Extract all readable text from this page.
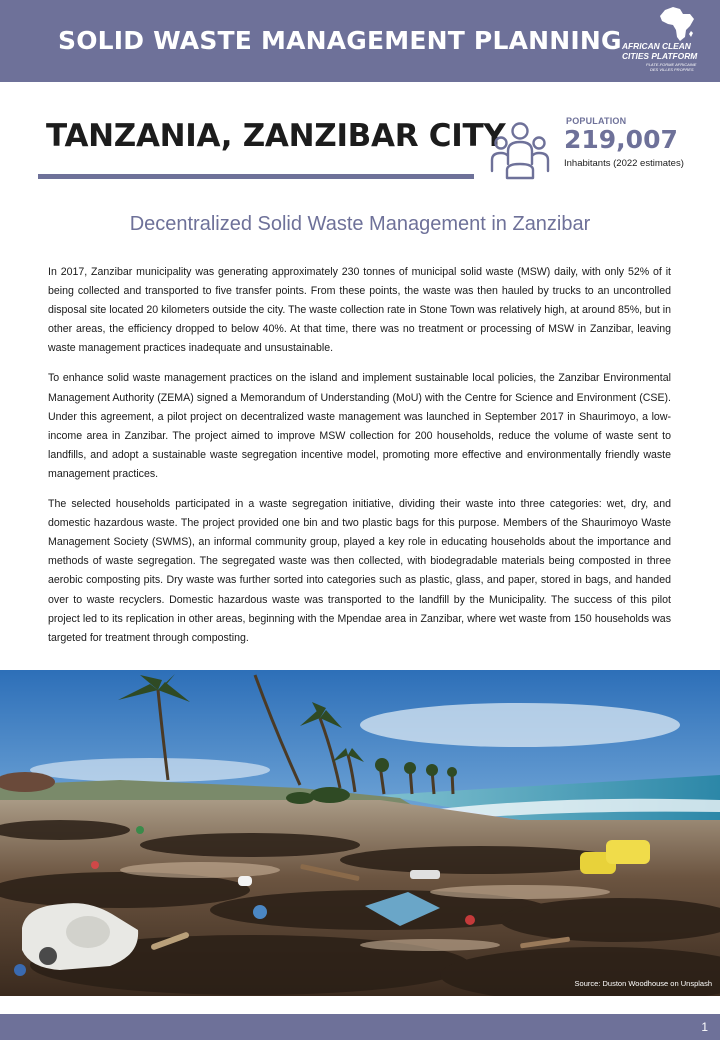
SOLID WASTE MANAGEMENT PLANNING AFRICAN CLEAN
CITIES PLATFORM
PLATE-FORME AFRICAINE
DES VILLES PROPRES
TANZANIA, ZANZIBAR CITY	POPULATION
219,007
Inhabitants (2022 estimates)
Decentralized Solid Waste Management in Zanzibar

In 2017, Zanzibar municipality was generating approximately 230 tonnes of municipal solid waste (MSW) daily, with only 52% of it being collected and transported to five transfer points. From these points, the waste was then hauled by trucks to an uncontrolled disposal site located 20 kilometers outside the city. The waste collection rate in Stone Town was relatively high, at around 85%, but in other areas, the efficiency dropped to below 40%. At that time, there was no treatment or processing of MSW in Zanzibar, leaving waste management practices inadequate and unsustainable.

To enhance solid waste management practices on the island and implement sustainable local policies, the Zanzibar Environmental Management Authority (ZEMA) signed a Memorandum of Understanding (MoU) with the Centre for Science and Environment (CSE). Under this agreement, a pilot project on decentralized waste management was launched in September 2017 in Shaurimoyo, a low-income area in Zanzibar. The project aimed to improve MSW collection for 200 households, reduce the volume of waste sent to landfills, and adopt a sustainable waste segregation incentive model, promoting more effective and environmentally friendly waste management practices.

The selected households participated in a waste segregation initiative, dividing their waste into three categories: wet, dry, and domestic hazardous waste. The project provided one bin and two plastic bags for this purpose. Members of the Shaurimoyo Waste Management Society (SWMS), an informal community group, played a key role in educating households about the importance and methods of waste segregation. The segregated waste was then collected, with biodegradable materials being composted in three aerobic composting pits. Dry waste was further sorted into categories such as plastic, glass, and paper, stored in bags, and handed over to waste recyclers. Domestic hazardous waste was transported to the landfill by the Municipality. The success of this pilot project led to its replication in other areas, beginning with the Mpendae area in Zanzibar, where wet waste from 150 households was targeted for treatment through composting.

Source: Duston Woodhouse on Unsplash
1
